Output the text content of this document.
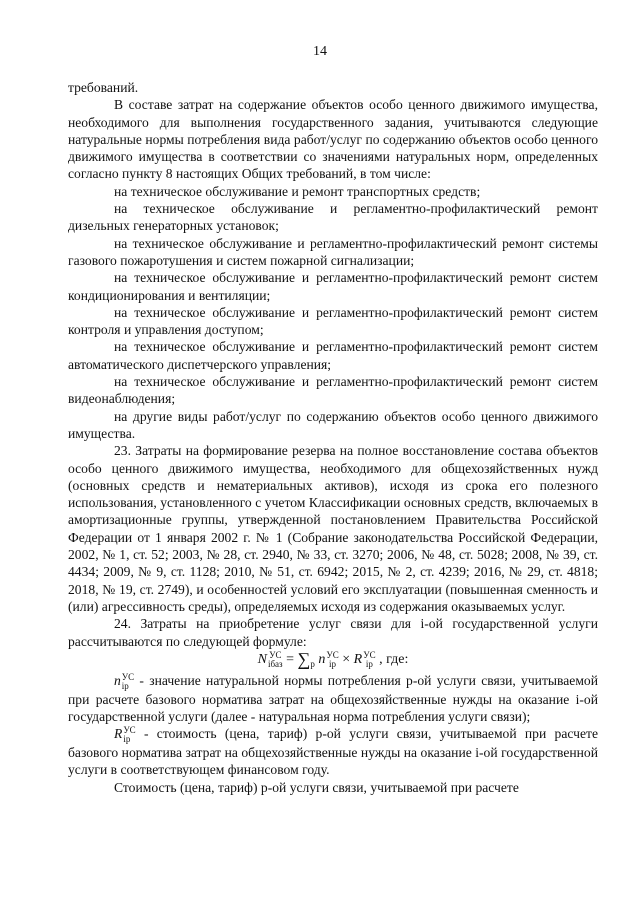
14

требований.

В составе затрат на содержание объектов особо ценного движимого имущества, необходимого для выполнения государственного задания, учитываются следующие натуральные нормы потребления вида работ/услуг по содержанию объектов особо ценного движимого имущества в соответствии со значениями натуральных норм, определенных согласно пункту 8 настоящих Общих требований, в том числе:

на техническое обслуживание и ремонт транспортных средств;

на техническое обслуживание и регламентно-профилактический ремонт дизельных генераторных установок;

на техническое обслуживание и регламентно-профилактический ремонт системы газового пожаротушения и систем пожарной сигнализации;

на техническое обслуживание и регламентно-профилактический ремонт систем кондиционирования и вентиляции;

на техническое обслуживание и регламентно-профилактический ремонт систем контроля и управления доступом;

на техническое обслуживание и регламентно-профилактический ремонт систем автоматического диспетчерского управления;

на техническое обслуживание и регламентно-профилактический ремонт систем видеонаблюдения;

на другие виды работ/услуг по содержанию объектов особо ценного движимого имущества.

23. Затраты на формирование резерва на полное восстановление состава объектов особо ценного движимого имущества, необходимого для общехозяйственных нужд (основных средств и нематериальных активов), исходя из срока его полезного использования, установленного с учетом Классификации основных средств, включаемых в амортизационные группы, утвержденной постановлением Правительства Российской Федерации от 1 января 2002 г. № 1 (Собрание законодательства Российской Федерации, 2002, № 1, ст. 52; 2003, № 28, ст. 2940, № 33, ст. 3270; 2006, № 48, ст. 5028; 2008, № 39, ст. 4434; 2009, № 9, ст. 1128; 2010, № 51, ст. 6942; 2015, № 2, ст. 4239; 2016, № 29, ст. 4818; 2018, № 19, ст. 2749), и особенностей условий его эксплуатации (повышенная сменность и (или) агрессивность среды), определяемых исходя из содержания оказываемых услуг.

24. Затраты на приобретение услуг связи для i-ой государственной услуги рассчитываются по следующей формуле:

N УС
iбаз = $\sum_p$ n УС
ip × R УС
ip , где:

n УС
ip - значение натуральной нормы потребления р-ой услуги связи, учитываемой при расчете базового норматива затрат на общехозяйственные нужды на оказание i-ой государственной услуги (далее - натуральная норма потребления услуги связи);

R УС
ip - стоимость (цена, тариф) р-ой услуги связи, учитываемой при расчете базового норматива затрат на общехозяйственные нужды на оказание i-ой государственной услуги в соответствующем финансовом году.

Стоимость (цена, тариф) р-ой услуги связи, учитываемой при расчете
